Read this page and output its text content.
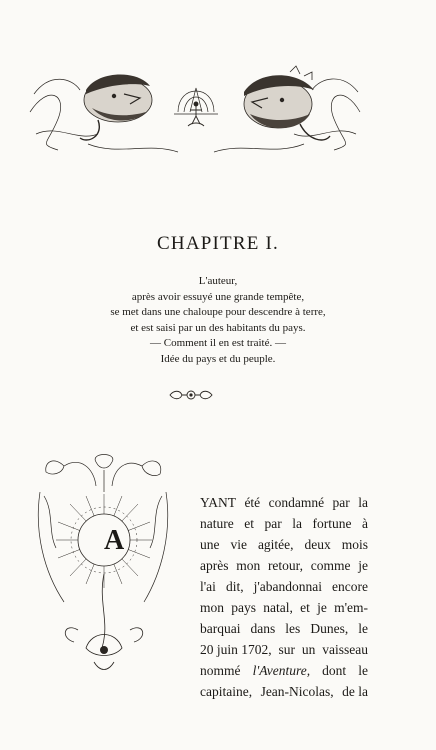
CHAPITRE I.
L'auteur,
après avoir essuyé une grande tempête,
se met dans une chaloupe pour descendre à terre,
et est saisi par un des habitants du pays.
— Comment il en est traité. —
Idée du pays et du peuple.
A
YANT été condamné par la
nature et par la fortune à
une vie agitée, deux mois
après mon retour, comme je
l'ai dit, j'abandonnai encore
mon pays natal, et je m'em-
barquai dans les Dunes, le
20 juin 1702, sur un vaisseau
nommé l'Aventure, dont le
capitaine, Jean-Nicolas, de la
